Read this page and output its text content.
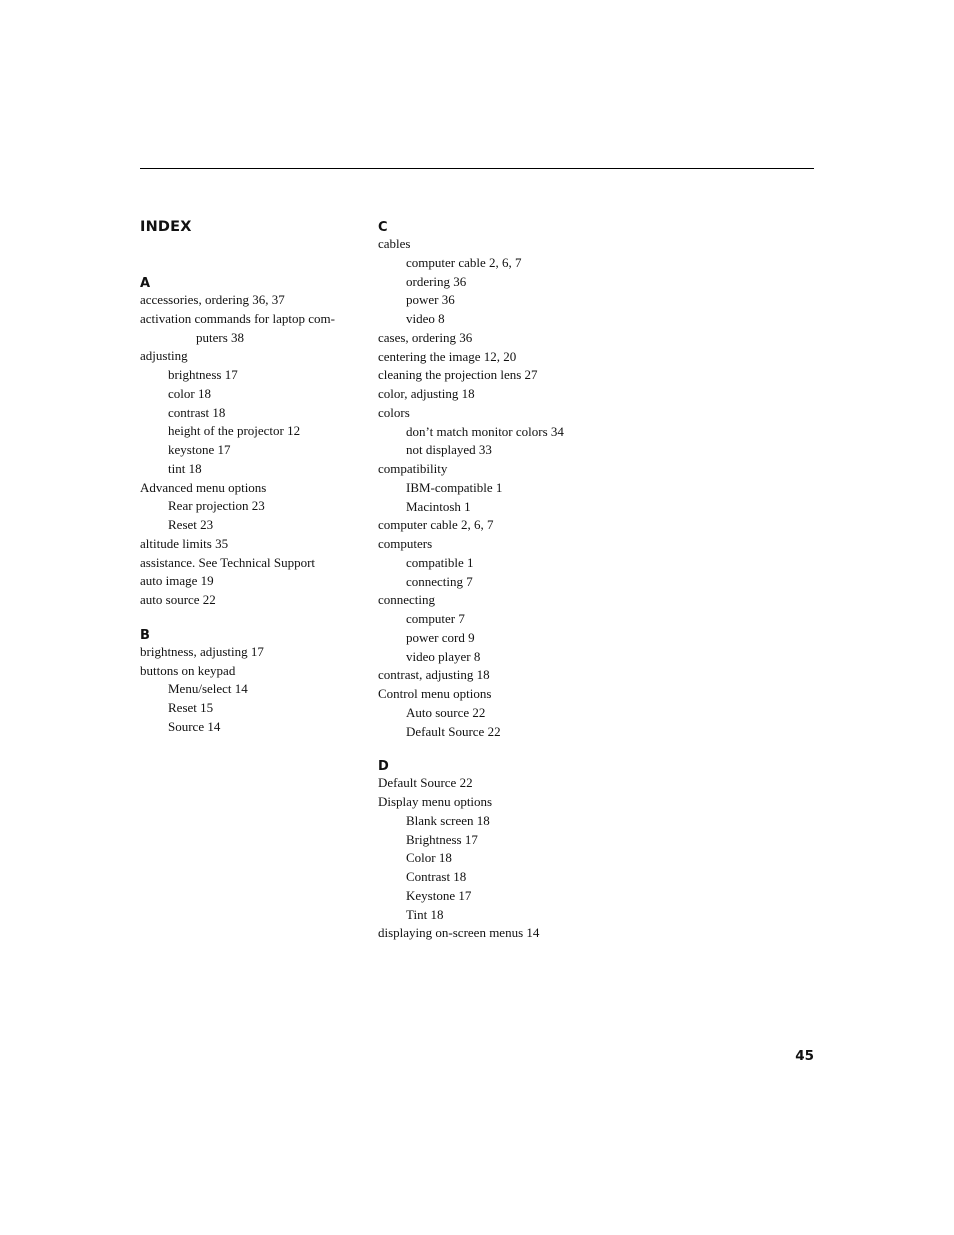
INDEX
A
accessories, ordering 36, 37
activation commands for laptop com-
puters 38
adjusting
brightness 17
color 18
contrast 18
height of the projector 12
keystone 17
tint 18
Advanced menu options
Rear projection 23
Reset 23
altitude limits 35
assistance. See Technical Support
auto image 19
auto source 22
B
brightness, adjusting 17
buttons on keypad
Menu/select 14
Reset 15
Source 14
C
cables
computer cable 2, 6, 7
ordering 36
power 36
video 8
cases, ordering 36
centering the image 12, 20
cleaning the projection lens 27
color, adjusting 18
colors
don’t match monitor colors 34
not displayed 33
compatibility
IBM-compatible 1
Macintosh 1
computer cable 2, 6, 7
computers
compatible 1
connecting 7
connecting
computer 7
power cord 9
video player 8
contrast, adjusting 18
Control menu options
Auto source 22
Default Source 22
D
Default Source 22
Display menu options
Blank screen 18
Brightness 17
Color 18
Contrast 18
Keystone 17
Tint 18
displaying on-screen menus 14
45
